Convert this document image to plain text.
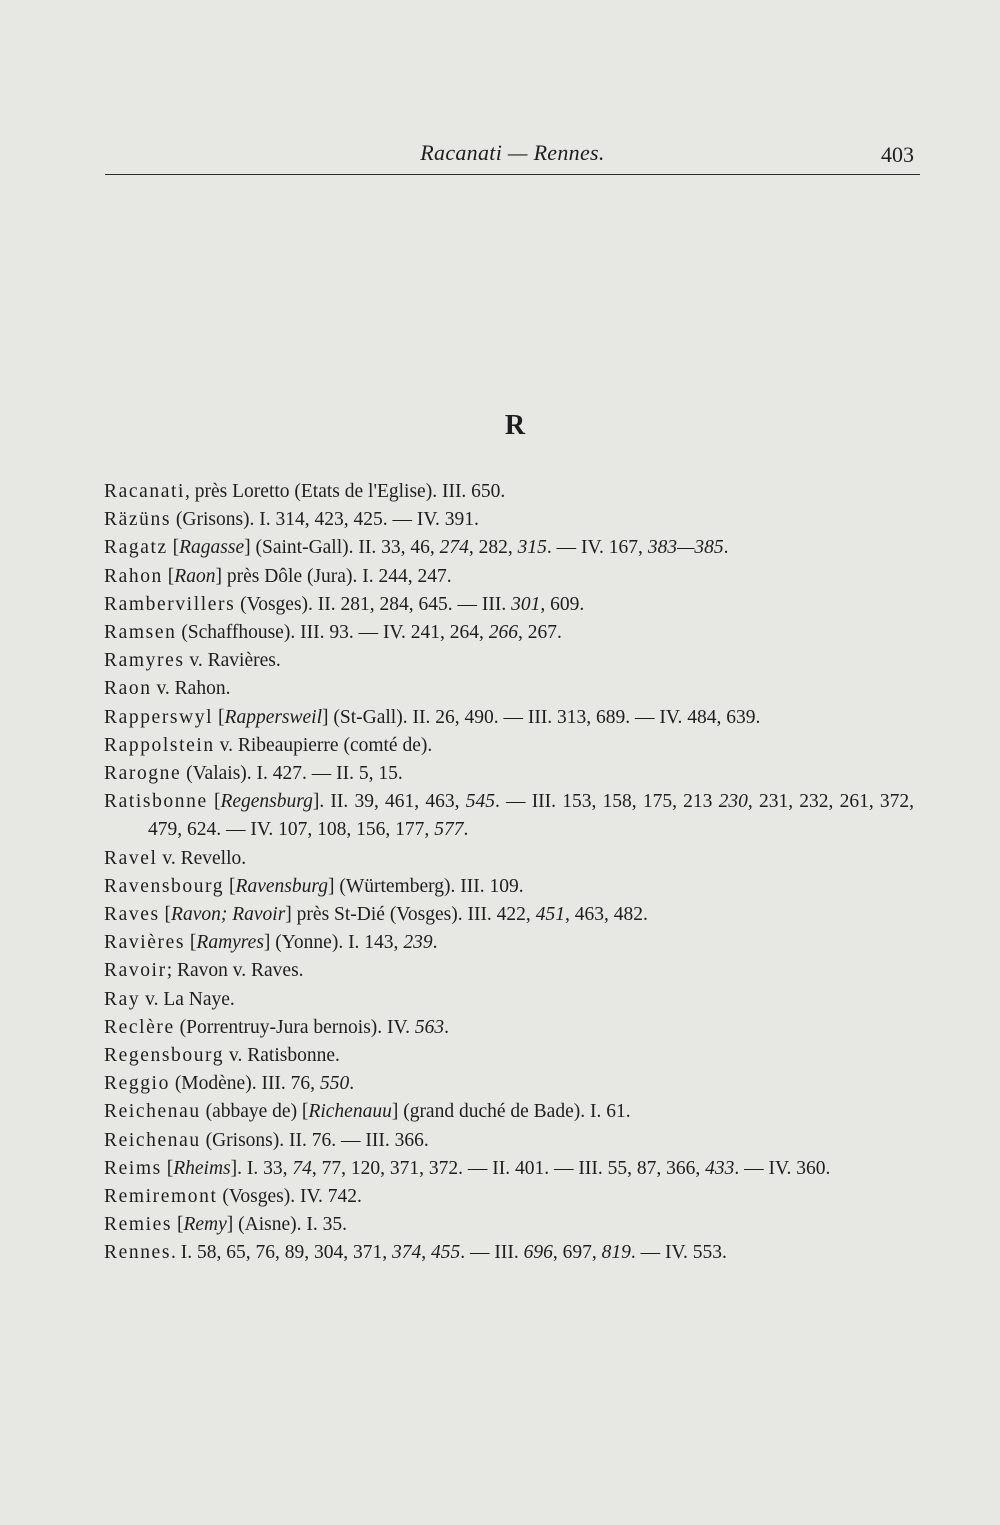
Racanati — Rennes.	403
R

Racanati, près Loretto (Etats de l'Eglise). III. 650.

Räzüns (Grisons). I. 314, 423, 425. — IV. 391.

Ragatz [Ragasse] (Saint-Gall). II. 33, 46, 274, 282, 315. — IV. 167, 383—385.

Rahon [Raon] près Dôle (Jura). I. 244, 247.

Rambervillers (Vosges). II. 281, 284, 645. — III. 301, 609.

Ramsen (Schaffhouse). III. 93. — IV. 241, 264, 266, 267.

Ramyres v. Ravières.

Raon v. Rahon.

Rapperswyl [Rappersweil] (St-Gall). II. 26, 490. — III. 313, 689. — IV. 484, 639.

Rappolstein v. Ribeaupierre (comté de).

Rarogne (Valais). I. 427. — II. 5, 15.

Ratisbonne [Regensburg]. II. 39, 461, 463, 545. — III. 153, 158, 175, 213 230, 231, 232, 261, 372, 479, 624. — IV. 107, 108, 156, 177, 577.

Ravel v. Revello.

Ravensbourg [Ravensburg] (Würtemberg). III. 109.

Raves [Ravon; Ravoir] près St-Dié (Vosges). III. 422, 451, 463, 482.

Ravières [Ramyres] (Yonne). I. 143, 239.

Ravoir; Ravon v. Raves.

Ray v. La Naye.

Reclère (Porrentruy-Jura bernois). IV. 563.

Regensbourg v. Ratisbonne.

Reggio (Modène). III. 76, 550.

Reichenau (abbaye de) [Richenauu] (grand duché de Bade). I. 61.

Reichenau (Grisons). II. 76. — III. 366.

Reims [Rheims]. I. 33, 74, 77, 120, 371, 372. — II. 401. — III. 55, 87, 366, 433. — IV. 360.

Remiremont (Vosges). IV. 742.

Remies [Remy] (Aisne). I. 35.

Rennes. I. 58, 65, 76, 89, 304, 371, 374, 455. — III. 696, 697, 819. — IV. 553.
